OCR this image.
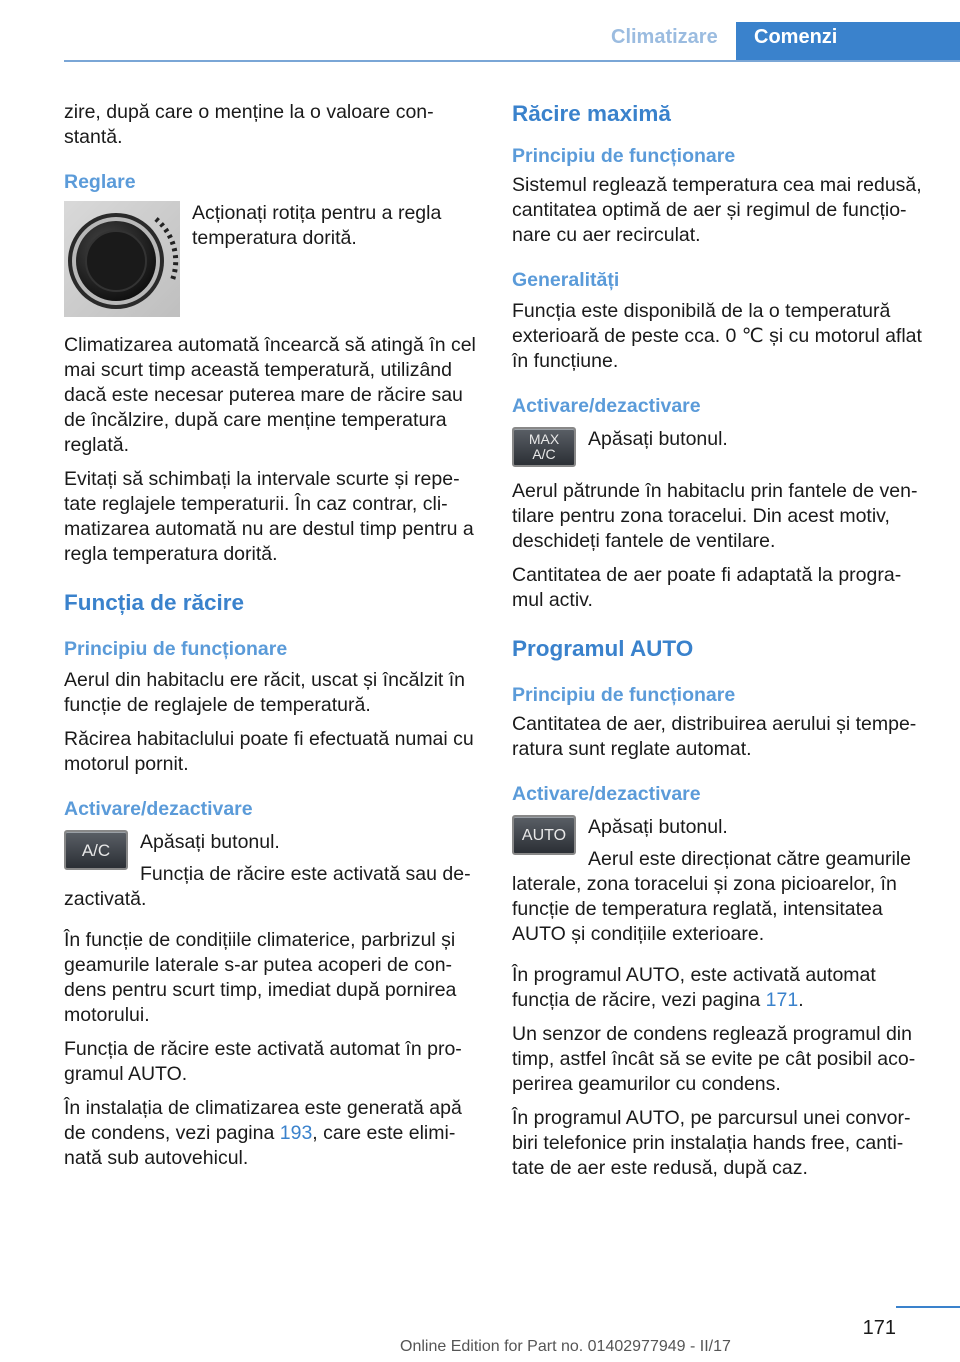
Climatizare	Comenzi

zire, după care o menține la o valoare con-stantă.

Reglare
Acționați rotița pentru a regla temperatura dorită.

Climatizarea automată încearcă să atingă în cel mai scurt timp această temperatură, utilizând dacă este necesar puterea mare de răcire sau de încălzire, după care menține temperatura reglată.

Evitați să schimbați la intervale scurte și repe-tate reglajele temperaturii. În caz contrar, cli-matizarea automată nu are destul timp pentru a regla temperatura dorită.

Funcția de răcire
Principiu de funcționare

Aerul din habitaclu ere răcit, uscat și încălzit în funcție de reglajele de temperatură.

Răcirea habitaclului poate fi efectuată numai cu motorul pornit.

Activare/dezactivare
A/C	Apăsați butonul.

Funcția de răcire este activată sau de-zactivată.

În funcție de condițiile climaterice, parbrizul și geamurile laterale s-ar putea acoperi de con-dens pentru scurt timp, imediat după pornirea motorului.

Funcția de răcire este activată automat în pro-gramul AUTO.

În instalația de climatizarea este generată apă de condens, vezi pagina 193, care este elimi-nată sub autovehicul.

Răcire maximă
Principiu de funcționare

Sistemul reglează temperatura cea mai redusă, cantitatea optimă de aer și regimul de funcțio-nare cu aer recirculat.

Generalități

Funcția este disponibilă de la o temperatură exterioară de peste cca. 0 ℃ și cu motorul aflat în funcțiune.

Activare/dezactivare
MAX
A/C
Apăsați butonul.

Aerul pătrunde în habitaclu prin fantele de ven-tilare pentru zona toracelui. Din acest motiv, deschideți fantele de ventilare.

Cantitatea de aer poate fi adaptată la progra-mul activ.

Programul AUTO
Principiu de funcționare

Cantitatea de aer, distribuirea aerului și tempe-ratura sunt reglate automat.

Activare/dezactivare
AUTO	Apăsați butonul.

Aerul este direcționat către geamurile laterale, zona toracelui și zona picioarelor, în funcție de temperatura reglată, intensitatea AUTO și condițiile exterioare.

În programul AUTO, este activată automat funcția de răcire, vezi pagina 171.

Un senzor de condens reglează programul din timp, astfel încât să se evite pe cât posibil aco-perirea geamurilor cu condens.

În programul AUTO, pe parcursul unei convor-biri telefonice prin instalația hands free, canti-tate de aer este redusă, după caz.

171
Online Edition for Part no. 01402977949 - II/17
